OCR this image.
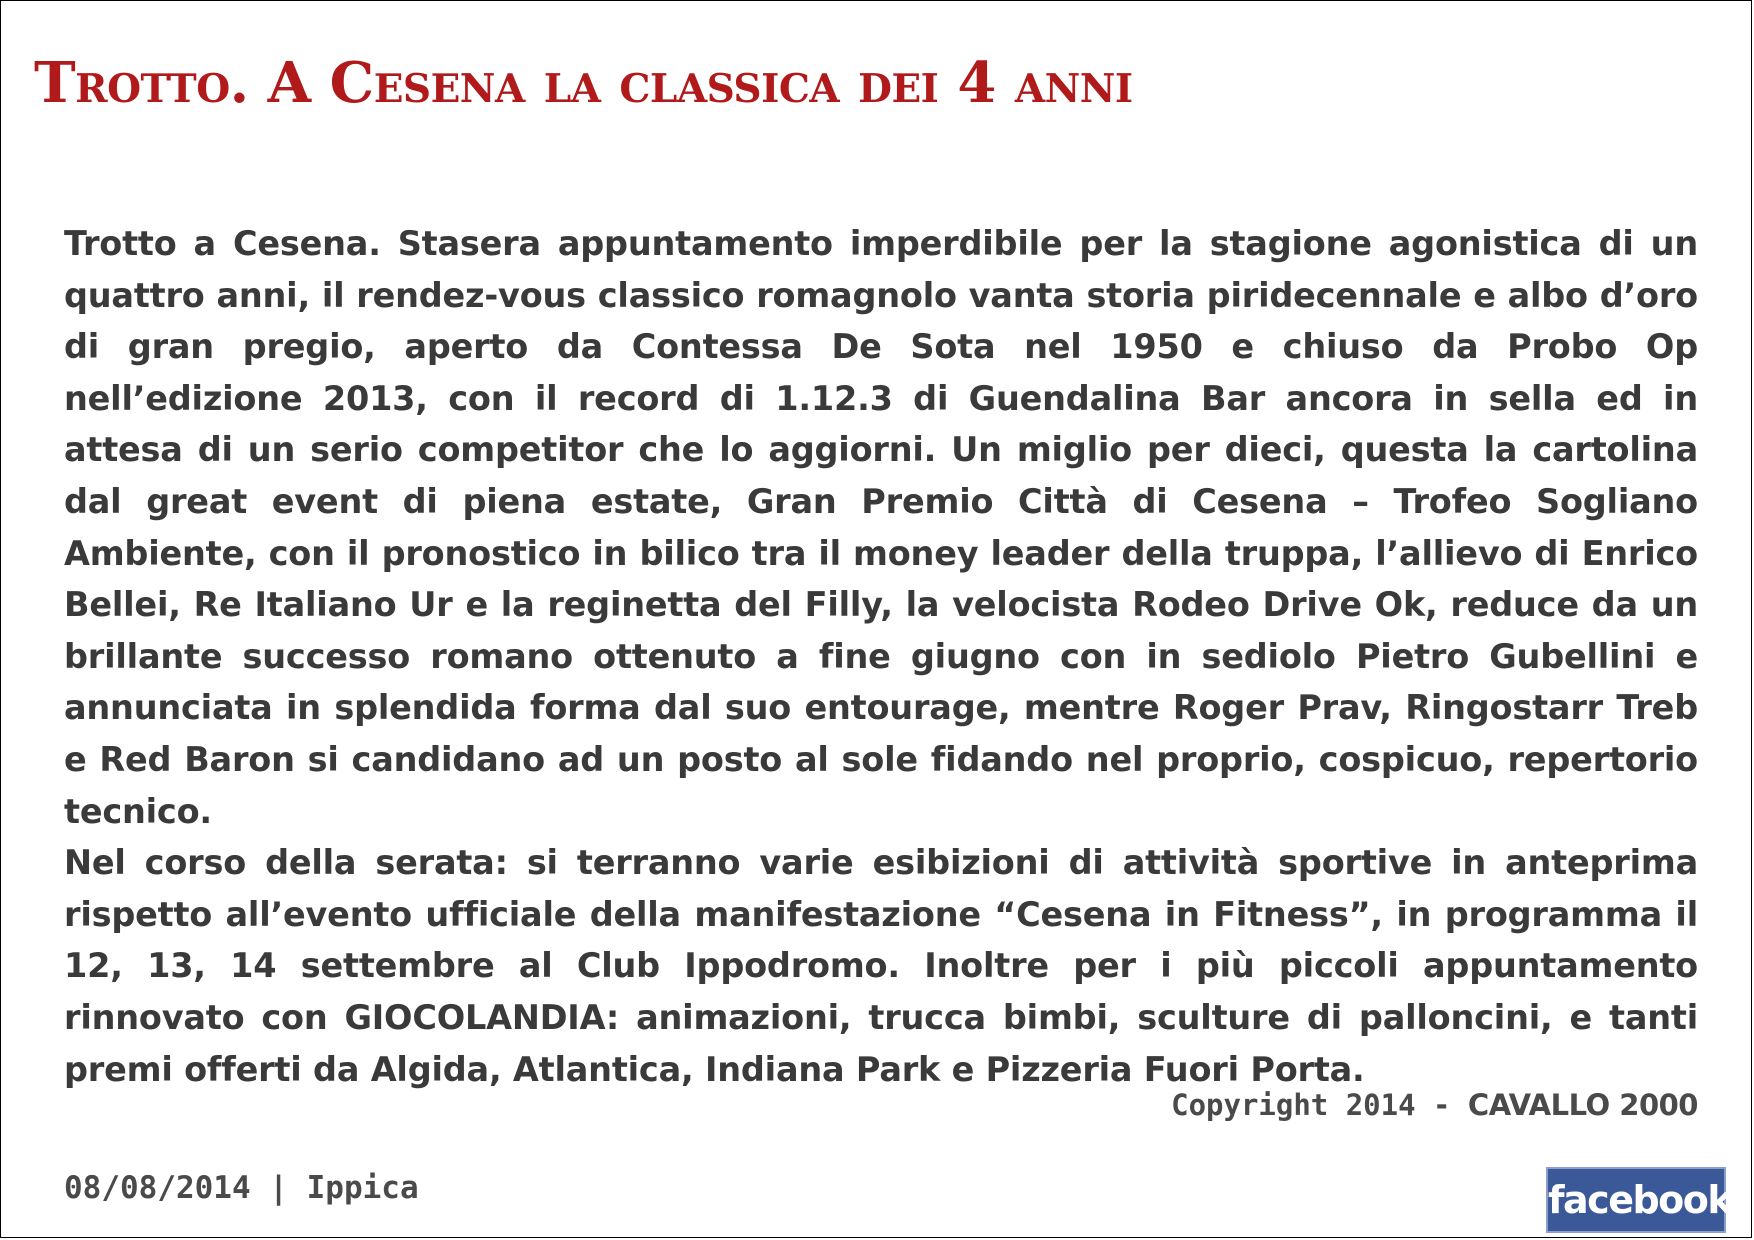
Trotto. A Cesena la classica dei 4 anni

Trotto a Cesena. Stasera appuntamento imperdibile per la stagione agonistica di un quattro anni, il rendez-vous classico romagnolo vanta storia piridecennale e albo d’oro di gran pregio, aperto da Contessa De Sota nel 1950 e chiuso da Probo Op nell’edizione 2013, con il record di 1.12.3 di Guendalina Bar ancora in sella ed in attesa di un serio competitor che lo aggiorni. Un miglio per dieci, questa la cartolina dal great event di piena estate, Gran Premio Città di Cesena – Trofeo Sogliano Ambiente, con il pronostico in bilico tra il money leader della truppa, l’allievo di Enrico Bellei, Re Italiano Ur e la reginetta del Filly, la velocista Rodeo Drive Ok, reduce da un brillante successo romano ottenuto a fine giugno con in sediolo Pietro Gubellini e annunciata in splendida forma dal suo entourage, mentre Roger Prav, Ringostarr Treb e Red Baron si candidano ad un posto al sole fidando nel proprio, cospicuo, repertorio tecnico.

Nel corso della serata: si terranno varie esibizioni di attività sportive in anteprima rispetto all’evento ufficiale della manifestazione “Cesena in Fitness”, in programma il 12, 13, 14 settembre al Club Ippodromo. Inoltre per i più piccoli appuntamento rinnovato con GIOCOLANDIA: animazioni, trucca bimbi, sculture di palloncini, e tanti premi offerti da Algida, Atlantica, Indiana Park e Pizzeria Fuori Porta.

Copyright 2014 - CAVALLO 2000
08/08/2014 | Ippica	facebook
